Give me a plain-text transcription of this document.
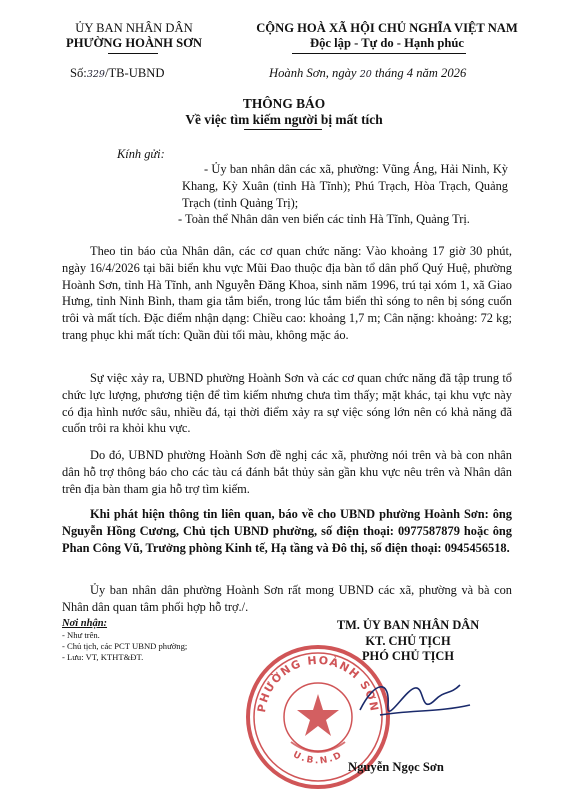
ỦY BAN NHÂN DÂN
PHƯỜNG HOÀNH SƠN
CỘNG HOÀ XÃ HỘI CHỦ NGHĨA VIỆT NAM
Độc lập - Tự do - Hạnh phúc
Số:329/TB-UBND	Hoành Sơn, ngày 20 tháng 4 năm 2026
THÔNG BÁO
Về việc tìm kiếm người bị mất tích
Kính gửi:
- Ủy ban nhân dân các xã, phường: Vũng Áng, Hải Ninh, Kỳ Khang, Kỳ Xuân (tỉnh Hà Tĩnh); Phú Trạch, Hòa Trạch, Quảng Trạch (tỉnh Quảng Trị);
- Toàn thể Nhân dân ven biển các tỉnh Hà Tĩnh, Quảng Trị.
Theo tin báo của Nhân dân, các cơ quan chức năng: Vào khoảng 17 giờ 30 phút, ngày 16/4/2026 tại bãi biển khu vực Mũi Đao thuộc địa bàn tổ dân phố Quý Huệ, phường Hoành Sơn, tỉnh Hà Tĩnh, anh Nguyễn Đăng Khoa, sinh năm 1996, trú tại xóm 1, xã Giao Hưng, tỉnh Ninh Bình, tham gia tắm biển, trong lúc tắm biển thì sóng to nên bị sóng cuốn trôi và mất tích. Đặc điểm nhận dạng: Chiều cao: khoảng 1,7 m; Cân nặng: khoảng: 72 kg; trang phục khi mất tích: Quần đùi tối màu, không mặc áo.
Sự việc xảy ra, UBND phường Hoành Sơn và các cơ quan chức năng đã tập trung tổ chức lực lượng, phương tiện để tìm kiếm nhưng chưa tìm thấy; mặt khác, tại khu vực này có địa hình nước sâu, nhiều đá, tại thời điểm xảy ra sự việc sóng lớn nên có khả năng đã cuốn trôi ra khỏi khu vực.
Do đó, UBND phường Hoành Sơn đề nghị các xã, phường nói trên và bà con nhân dân hỗ trợ thông báo cho các tàu cá đánh bắt thủy sản gần khu vực nêu trên và Nhân dân trên địa bàn tham gia hỗ trợ tìm kiếm.
Khi phát hiện thông tin liên quan, báo về cho UBND phường Hoành Sơn: ông Nguyễn Hồng Cương, Chủ tịch UBND phường, số điện thoại: 0977587879 hoặc ông Phan Công Vũ, Trưởng phòng Kinh tế, Hạ tầng và Đô thị, số điện thoại: 0945456518.
Ủy ban nhân dân phường Hoành Sơn rất mong UBND các xã, phường và bà con Nhân dân quan tâm phối hợp hỗ trợ./.
Nơi nhận:
- Như trên.
- Chủ tịch, các PCT UBND phường;
- Lưu: VT, KTHT&ĐT.
TM. ỦY BAN NHÂN DÂN
KT. CHỦ TỊCH
PHÓ CHỦ TỊCH
PHƯỜNG HOÀNH SƠN
U.B.N.D
Nguyễn Ngọc Sơn
